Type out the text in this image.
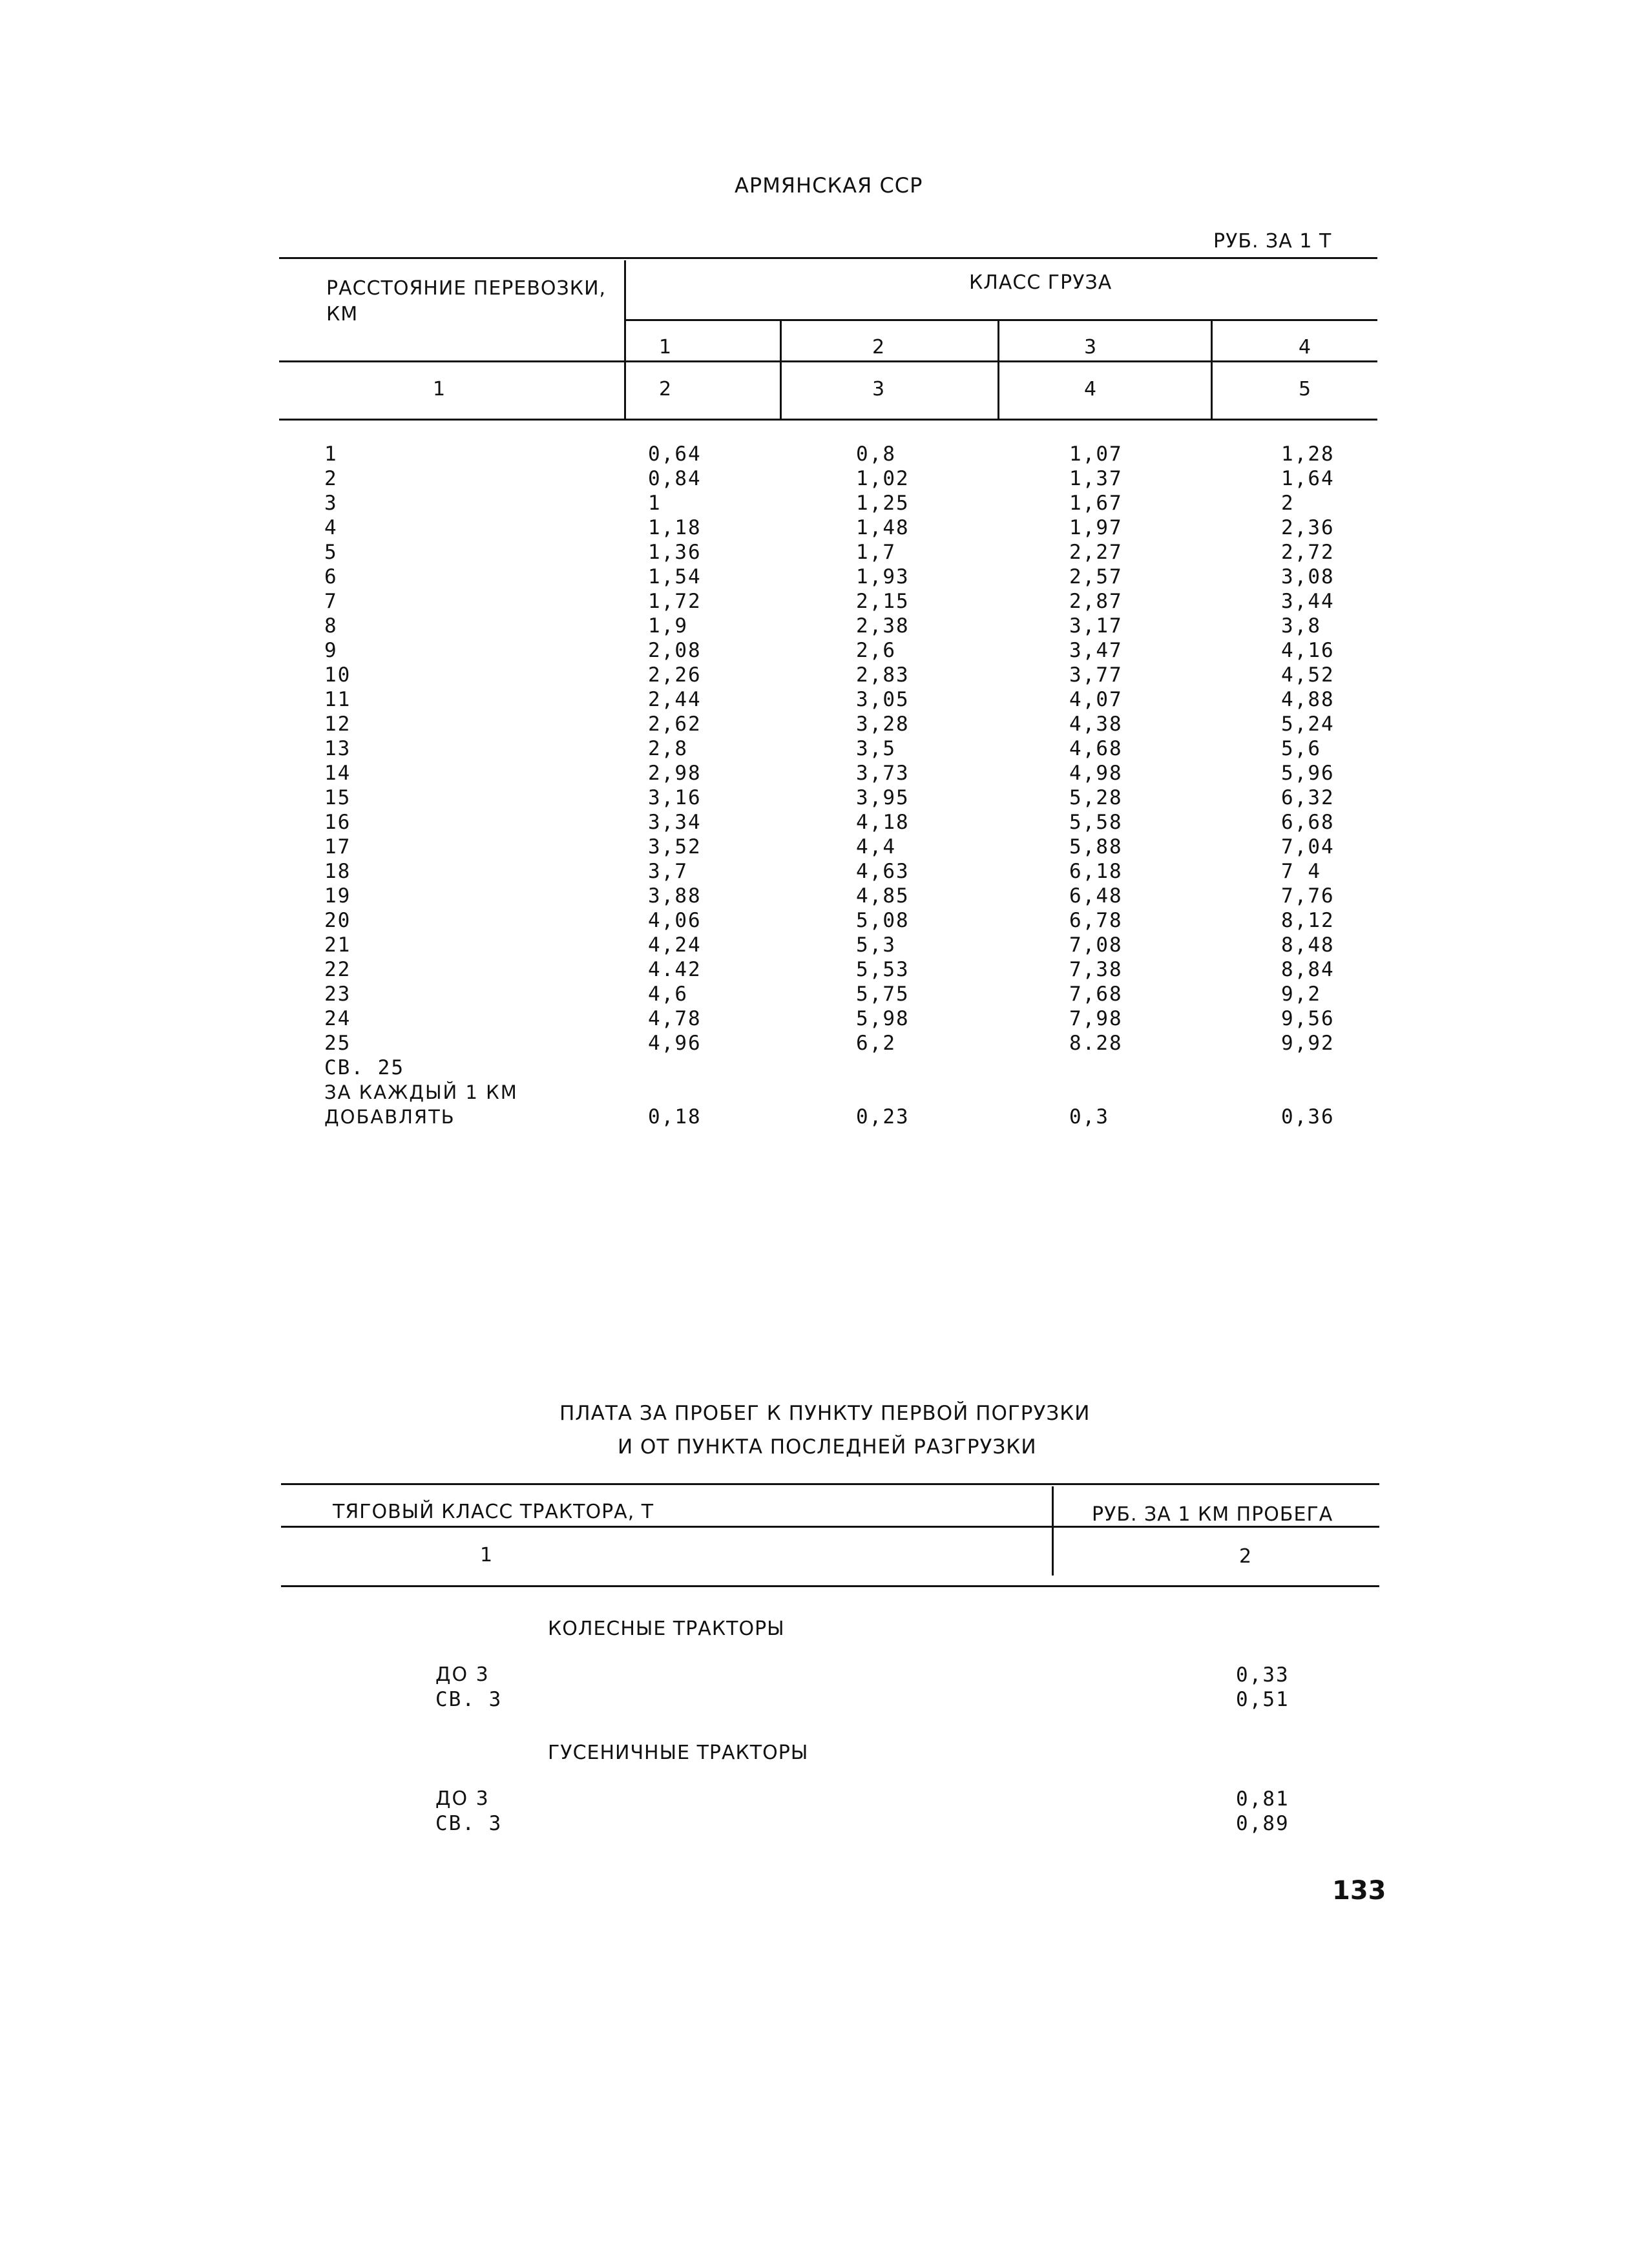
АРМЯНСКАЯ ССР
РУБ. ЗА 1 Т
РАССТОЯНИЕ ПЕРЕВОЗКИ, КМ
КЛАСС ГРУЗА
1	2	3	4
1	2	3	4	5
1	0,64	0,8	1,07	1,28
2	0,84	1,02	1,37	1,64
3	1	1,25	1,67	2
4	1,18	1,48	1,97	2,36
5	1,36	1,7	2,27	2,72
6	1,54	1,93	2,57	3,08
7	1,72	2,15	2,87	3,44
8	1,9	2,38	3,17	3,8
9	2,08	2,6	3,47	4,16
10	2,26	2,83	3,77	4,52
11	2,44	3,05	4,07	4,88
12	2,62	3,28	4,38	5,24
13	2,8	3,5	4,68	5,6
14	2,98	3,73	4,98	5,96
15	3,16	3,95	5,28	6,32
16	3,34	4,18	5,58	6,68
17	3,52	4,4	5,88	7,04
18	3,7	4,63	6,18	7 4
19	3,88	4,85	6,48	7,76
20	4,06	5,08	6,78	8,12
21	4,24	5,3	7,08	8,48
22	4.42	5,53	7,38	8,84
23	4,6	5,75	7,68	9,2
24	4,78	5,98	7,98	9,56
25	4,96	6,2	8.28	9,92
СВ. 25
ЗА КАЖДЫЙ 1 КМ
ДОБАВЛЯТЬ	0,18	0,23	0,3	0,36
ПЛАТА ЗА ПРОБЕГ К ПУНКТУ ПЕРВОЙ ПОГРУЗКИ
И ОТ ПУНКТА ПОСЛЕДНЕЙ РАЗГРУЗКИ
ТЯГОВЫЙ КЛАСС ТРАКТОРА, Т	РУБ. ЗА 1 КМ ПРОБЕГА
1	2
КОЛЕСНЫЕ ТРАКТОРЫ
ДО 3	0,33
СВ. 3	0,51
ГУСЕНИЧНЫЕ ТРАКТОРЫ
ДО 3	0,81
СВ. 3	0,89
133
